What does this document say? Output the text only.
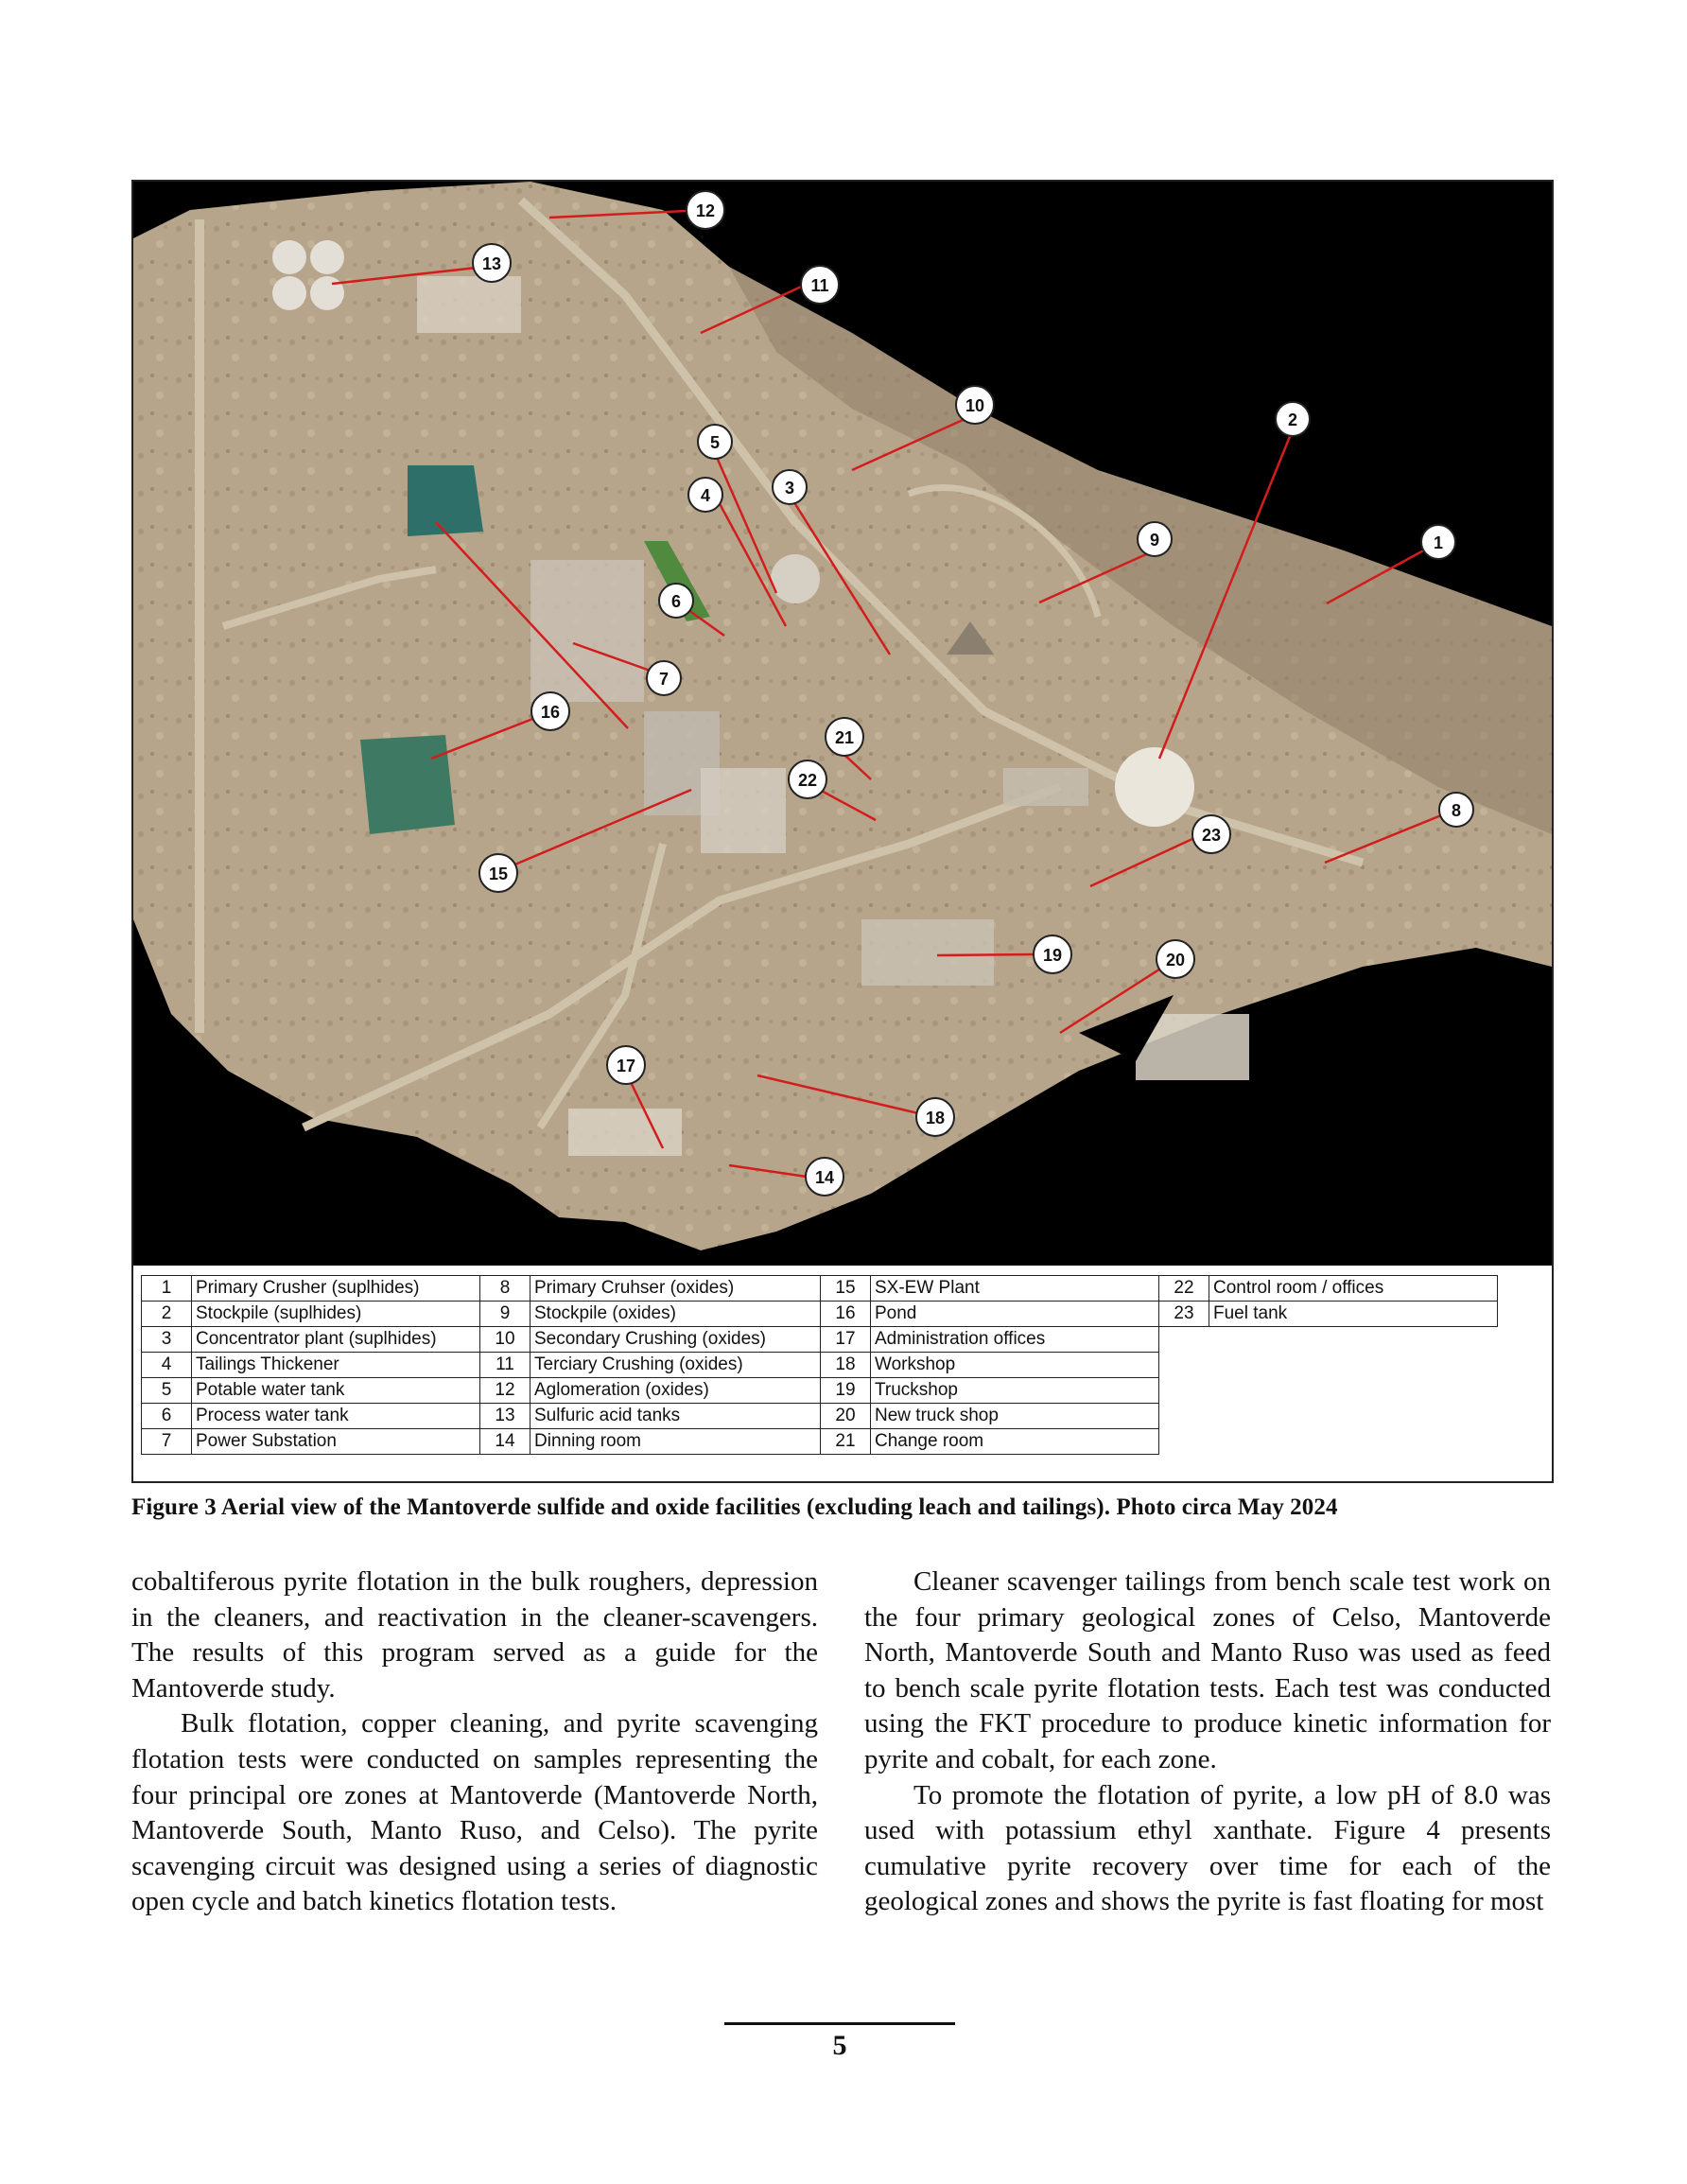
1
2
3
4
5
6
7
8
9
10
11
12
13
14
15
16
17
18
19	20
21
22
23
1	Primary Crusher (suplhides)	8	Primary Cruhser (oxides)	15	SX-EW Plant	22	Control room / offices
2	Stockpile (suplhides)	9	Stockpile (oxides)	16	Pond	23	Fuel tank
3	Concentrator plant (suplhides)	10	Secondary Crushing (oxides)	17	Administration offices		
4	Tailings Thickener	11	Terciary Crushing (oxides)	18	Workshop		
5	Potable water tank	12	Aglomeration (oxides)	19	Truckshop		
6	Process water tank	13	Sulfuric acid tanks	20	New truck shop		
7	Power Substation	14	Dinning room	21	Change room		
Figure 3 Aerial view of the Mantoverde sulfide and oxide facilities (excluding leach and tailings). Photo circa May 2024

cobaltiferous pyrite flotation in the bulk roughers, depression in the cleaners, and reactivation in the cleaner-scavengers. The results of this program served as a guide for the Mantoverde study.

Bulk flotation, copper cleaning, and pyrite scavenging flotation tests were conducted on samples representing the four principal ore zones at Mantoverde (Mantoverde North, Mantoverde South, Manto Ruso, and Celso). The pyrite scavenging circuit was designed using a series of diagnostic open cycle and batch kinetics flotation tests.

Cleaner scavenger tailings from bench scale test work on the four primary geological zones of Celso, Mantoverde North, Mantoverde South and Manto Ruso was used as feed to bench scale pyrite flotation tests. Each test was conducted using the FKT procedure to produce kinetic information for pyrite and cobalt, for each zone.

To promote the flotation of pyrite, a low pH of 8.0 was used with potassium ethyl xanthate. Figure 4 presents cumulative pyrite recovery over time for each of the geological zones and shows the pyrite is fast floating for most

5
